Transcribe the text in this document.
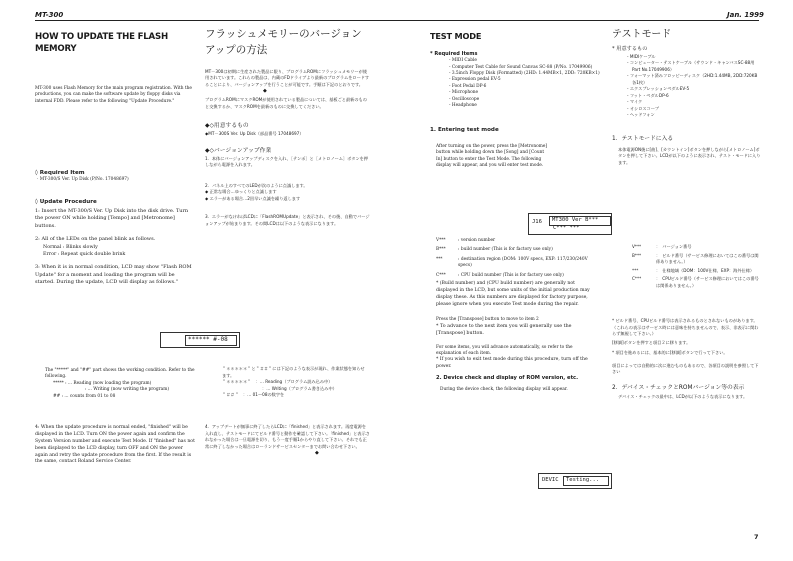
MT-300	Jan. 1999
HOW TO UPDATE THE FLASH MEMORY
MT-300 uses Flash Memory for the main program registration. With the productions, you can make the software update by floppy disks via internal FDD. Please refer to the following "Update Procedure."
◊ Required Item
· MT-300/S Ver. Up Disk (P/No. 17048697)
◊ Update Procedure
1: Insert the MT-300/S Ver. Up Disk into the disk drive. Turn the power ON while holding [Tempo] and [Metronome] buttons.
2: All of the LEDs on the panel blink as follows.
Normal : Blinks slowly
Error : Repeat quick double brink
3: When it is in normal condition, LCD may show "Flash ROM Update" for a moment and loading the program will be started. During the update, LCD will display as follows."
****** #-08
The "*****" and "##" part shows the working condition. Refer to the following.
***** : ... Reading (now loading the program)
: ... Writing (now writing the program)
## : ... counts from 01 to 08
4: When the update procedure is normal ended, "finished" will be displayed in the LCD. Turn ON the power again and confirm the System Version number and execute Test Mode. If "finished" has not been displayed to the LCD display, turn OFF and ON the power again and retry the update procedure from the first. If the result is the same, contact Roland Service Center.
フラッシュメモリーのバージョンアップの方法
MT－300は初期に生産された製品に限り、プログラムROMにフラッシュメモリーが使用されています。これらの製品は、内蔵のFDドライブより最新のプログラムをロードすることにより、バージョンアップを行うことが可能です。手順は下記のとおりです。
◆
プログラムROMにマスクROMが使用されている製品については、基板ごと最新のものと交換するか、マスクROMを最新のものに交換してください。
◆◇用意するもの
◆MT－300S Ver. Up Disk（部品番号 17048697）
◆◇バージョンアップ作業
1．本体にバージョンアップディスクを入れ、［テンポ］と［メトロノーム］ボタンを押しながら電源を入れます。
2．パネル上のすべてのLEDが次のように点滅します。
◆ 正常な場合…ゆっくりと点滅します
◆ エラーがある場合…2回早い点滅を繰り返します
3．エラーがなければLCDに「FlashROMUpdate」と表示され、その後、自動でバージョンアップが始まります。その間LCDは以下のような表示になります。
＂＊＊＊＊＊＂と＂＃＃＂には下記のような表示が現れ、作業状態を知らせます。
＂＊＊＊＊＊＂　：… Reading（プログラム読み込み中）
：… Writing（プログラム書き込み中）
＂＃＃＂　：… 01～08の数字を
4．アップデートが無事に終了したらLCDに「finished」と表示されます。再度電源を入れ直し、テストモードにてビルド番号と動作を確認して下さい。「finished」と表示されなかった場合は一旦電源を切り、もう一度手順1からやり直して下さい。それでも正常に終了しなかった場合はローランドサービスセンターまでお問い合わせ下さい。
◆
TEST MODE
* Required Items
- MIDI Cable
- Computer Test Cable for Sound Canvas SC-88 (P/No. 17049906)
- 3.5inch Floppy Disk (Formatted) (2HD: 1.44MB×1, 2DD: 720KB×1)
- Expression pedal EV-5
- Foot Pedal DP-6
- Microphone
- Oscilloscope
- Headphone
1. Entering test mode
After turning on the power, press the [Metronome] button while holding down the [Song] and [Count In] button to enter the Test Mode. The following display will appear, and you will enter test mode.
J16	MT300 Ver B***
C*** ***
V***	: version number
B***	: build number (This is for factory use only)
***	: destination region (DOM: 100V specs, EXP: 117/230/240V specs)
C***	: CPU build number (This is for factory use only)
* (Build number) and (CPU build number) are generally not displayed in the LCD, but some units of the initial production may display these. As this numbers are displayed for factory purpose, please ignore when you execute Test mode during the repair.
Press the [Transpose] button to move to item 2
* To advance to the next item you will generally use the [Transpose] button.
For some items, you will advance automatically, so refer to the explanation of each item.
* If you wish to exit test mode during this procedure, turn off the power.
2. Device check and display of ROM version, etc.
During the device check, the following display will appear.
DEVIC	Testing...
テストモード
* 用意するもの
- MIDIケーブル
- コンピューター・テストケーブル（サウンド・キャンバスSC-88用 Part No.17049906）
- フォーマット済みフロッピーディスク（2HD:1.44MB, 2DD:720KB 各1枚）
- エクスプレッションペダルEV-5
- フット・ペダルDP-6
- マイク
- オシロスコープ
- ヘッドフォン
1．テストモードに入る
本体電源ON後に[曲]、[カウントイン]ボタンを押しながら[メトロノーム]ボタンを押して下さい。LCDが以下のように表示され、テスト・モードに入ります。
V***	：　バージョン番号
B***	：　ビルド番号（サービス修理においてはこの番号は関係ありません。）
***	：　仕様地域（DOM：100V仕様、EXP：海外仕様）
C***	：　CPUビルド番号（サービス修理においてはこの番号は関係ありません。）
* ビルド番号、CPUビルド番号は表示されるものとされないものがあります。（これらの表示はサービス時には意味を持ちませんので、表示、非表示に関わらず無視して下さい。）
[移調]ボタンを押すと項目２に移ります。
* 項目を進めるには、基本的に[移調]ボタンで行って下さい。
項目によっては自動的に次に進むものもあるので、各項目の説明を参照して下さい
2．デバイス・チェックとROMバージョン等の表示
デバイス・チェックの最中は、LCDが以下のような表示になります。
7
